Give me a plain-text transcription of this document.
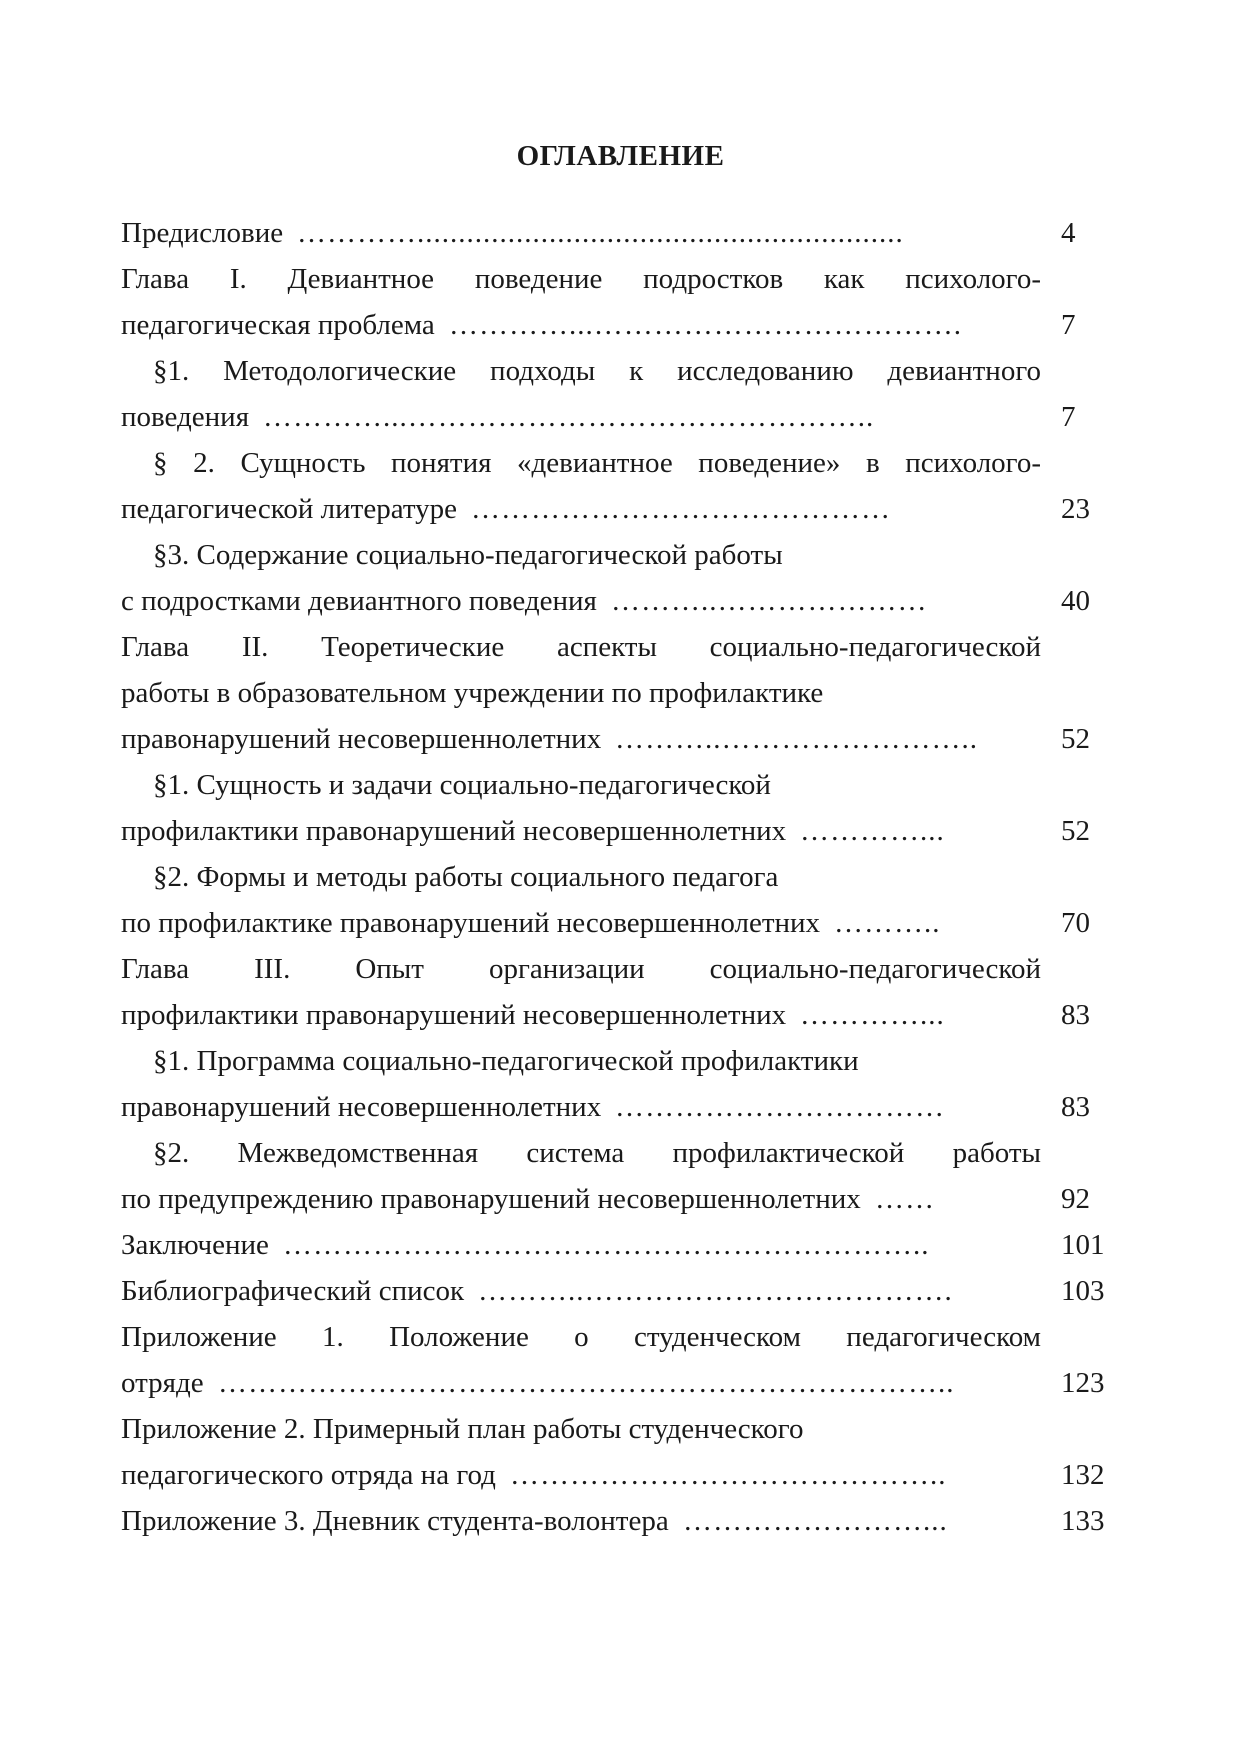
ОГЛАВЛЕНИЕ
Предисловие …………...........................................................	4
Глава I. Девиантное поведение подростков как психолого-
педагогическая проблема …………...……………………………….	7
§1. Методологические подходы к исследованию девиантного
поведения …………...………………………………………..	7
§ 2. Сущность понятия «девиантное поведение» в психолого-
педагогической литературе ……………………………………	23
§3. Содержание социально-педагогической работы
с подростками девиантного поведения ………..…………………	40
Глава II. Теоретические аспекты социально-педагогической
работы в образовательном учреждении по профилактике
правонарушений несовершеннолетних ………..……………………..	52
§1. Сущность и задачи социально-педагогической
профилактики правонарушений несовершеннолетних …………...	52
§2. Формы и методы работы социального педагога
по профилактике правонарушений несовершеннолетних ………..	70
Глава III. Опыт организации социально-педагогической
профилактики правонарушений несовершеннолетних …………...	83
§1. Программа социально-педагогической профилактики
правонарушений несовершеннолетних ……………………………	83
§2. Межведомственная система профилактической работы
по предупреждению правонарушений несовершеннолетних ……	92
Заключение ………………………………………………………..	101
Библиографический список ………..……………………………….	103
Приложение 1. Положение о студенческом педагогическом
отряде ………………………………………………………………..	123
Приложение 2. Примерный план работы студенческого
педагогического отряда на год ……………………………………..	132
Приложение 3. Дневник студента-волонтера ……………………...	133
